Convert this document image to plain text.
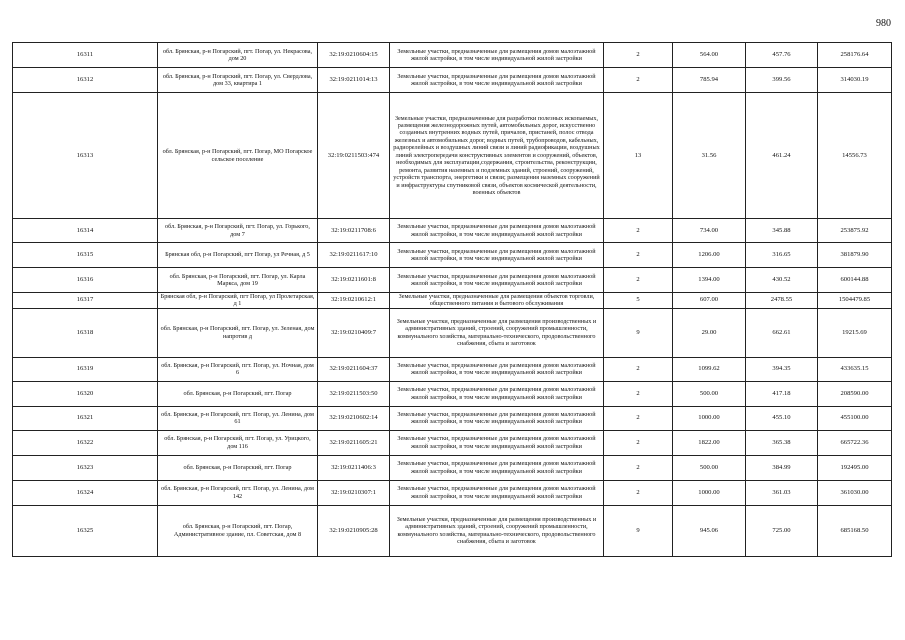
980
16311	обл. Брянская, р-н Погарский, пгт. Погар, ул. Некрасова, дом 20	32:19:0210604:15	Земельные участки, предназначенные для размещения домов малоэтажной жилой застройки, в том числе индивидуальной жилой застройки	2	564.00	457.76	258176.64
16312	обл. Брянская, р-н Погарский, пгт. Погар, ул. Свердлова, дом 33, квартира 1	32:19:0211014:13	Земельные участки, предназначенные для размещения домов малоэтажной жилой застройки, в том числе индивидуальной жилой застройки	2	785.94	399.56	314030.19
16313	обл. Брянская, р-н Погарский, пгт. Погар, МО Погарское сельское поселение	32:19:0211503:474	Земельные участки, предназначенные для разработки полезных ископаемых, размещения железнодорожных путей, автомобильных дорог, искусственно созданных внутренних водных путей, причалов, пристаней, полос отвода железных и автомобильных дорог, водных путей, трубопроводов, кабельных, радиорелейных и воздушных линий связи и линий радиофикации, воздушных линий электропередачи конструктивных элементов и сооружений, объектов, необходимых для эксплуатации,содержания, строительства, реконструкции, ремонта, развития наземных и подземных зданий, строений, сооружений, устройств транспорта, энергетики и связи; размещения наземных сооружений и инфраструктуры спутниковой связи, объектов космической деятельности, военных объектов	13	31.56	461.24	14556.73
16314	обл. Брянская, р-н Погарский, пгт. Погар, ул. Горького, дом 7	32:19:0211708:6	Земельные участки, предназначенные для размещения домов малоэтажной жилой застройки, в том числе индивидуальной жилой застройки	2	734.00	345.88	253875.92
16315	Брянская обл, р-н Погарский, пгт Погар, ул Речная, д 5	32:19:0211617:10	Земельные участки, предназначенные для размещения домов малоэтажной жилой застройки, в том числе индивидуальной жилой застройки	2	1206.00	316.65	381879.90
16316	обл. Брянская, р-н Погарский, пгт. Погар, ул. Карла Маркса, дом 19	32:19:0211601:8	Земельные участки, предназначенные для размещения домов малоэтажной жилой застройки, в том числе индивидуальной жилой застройки	2	1394.00	430.52	600144.88
16317	Брянская обл, р-н Погарский, пгт Погар, ул Пролетарская, д 1	32:19:0210612:1	Земельные участки, предназначенные для размещения объектов торговли, общественного питания и бытового обслуживания	5	607.00	2478.55	1504479.85
16318	обл. Брянская, р-н Погарский, пгт. Погар, ул. Зеленая, дом напротив д	32:19:0210409:7	Земельные участки, предназначенные для размещения производственных и административных зданий, строений, сооружений промышленности, коммунального хозяйства, материально-технического, продовольственного снабжения, сбыта и заготовок	9	29.00	662.61	19215.69
16319	обл. Брянская, р-н Погарский, пгт. Погар, ул. Ночная, дом 6	32:19:0211604:37	Земельные участки, предназначенные для размещения домов малоэтажной жилой застройки, в том числе индивидуальной жилой застройки	2	1099.62	394.35	433635.15
16320	обл. Брянская, р-н Погарский, пгт. Погар	32:19:0211503:50	Земельные участки, предназначенные для размещения домов малоэтажной жилой застройки, в том числе индивидуальной жилой застройки	2	500.00	417.18	208590.00
16321	обл. Брянская, р-н Погарский, пгт. Погар, ул. Ленина, дом 61	32:19:0210602:14	Земельные участки, предназначенные для размещения домов малоэтажной жилой застройки, в том числе индивидуальной жилой застройки	2	1000.00	455.10	455100.00
16322	обл. Брянская, р-н Погарский, пгт. Погар, ул. Урицкого, дом 116	32:19:0211605:21	Земельные участки, предназначенные для размещения домов малоэтажной жилой застройки, в том числе индивидуальной жилой застройки	2	1822.00	365.38	665722.36
16323	обл. Брянская, р-н Погарский, пгт. Погар	32:19:0211406:3	Земельные участки, предназначенные для размещения домов малоэтажной жилой застройки, в том числе индивидуальной жилой застройки	2	500.00	384.99	192495.00
16324	обл. Брянская, р-н Погарский, пгт. Погар, ул. Ленина, дом 142	32:19:0210307:1	Земельные участки, предназначенные для размещения домов малоэтажной жилой застройки, в том числе индивидуальной жилой застройки	2	1000.00	361.03	361030.00
16325	обл. Брянская, р-н Погарский, пгт. Погар, Административное здание, пл. Советская, дом 8	32:19:0210905:28	Земельные участки, предназначенные для размещения производственных и административных зданий, строений, сооружений промышленности, коммунального хозяйства, материально-технического, продовольственного снабжения, сбыта и заготовок	9	945.06	725.00	685168.50
